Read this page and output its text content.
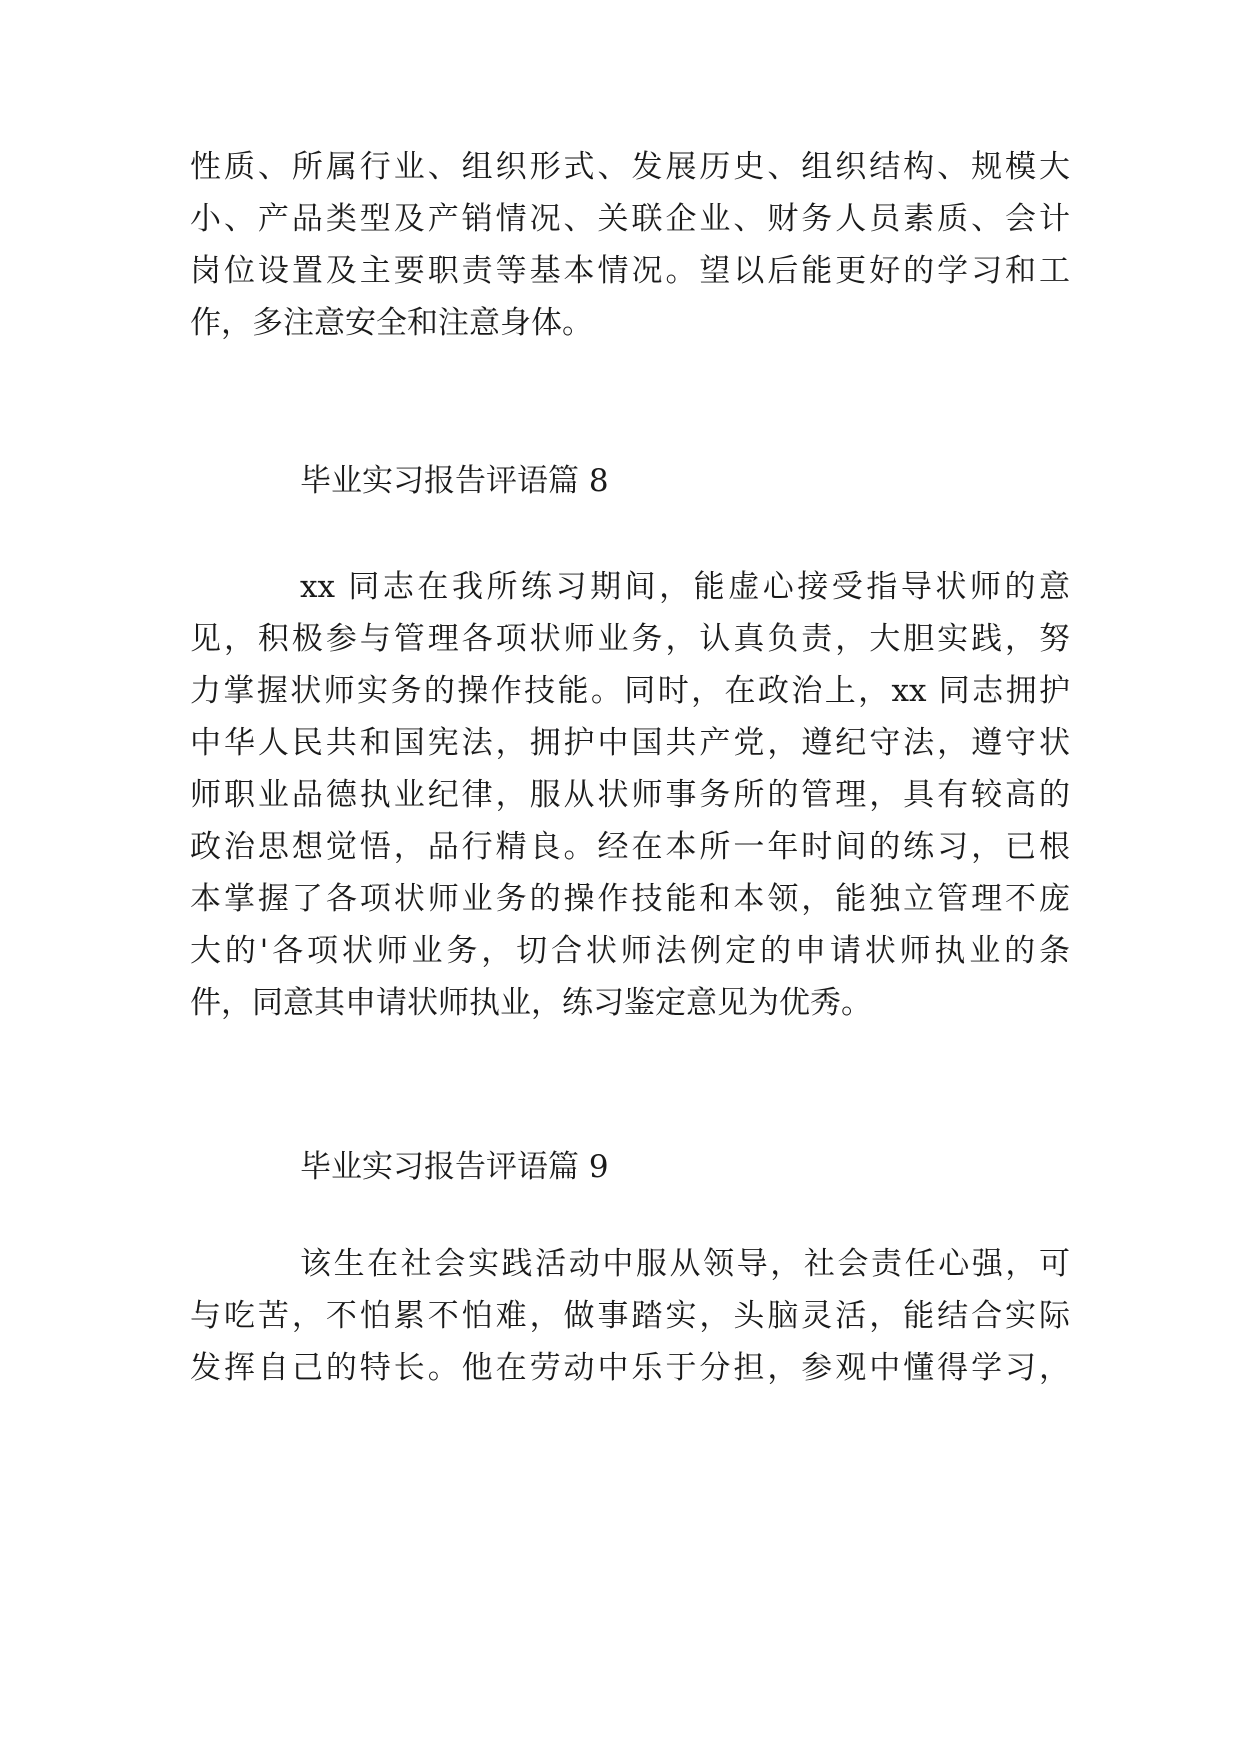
性质、所属行业、组织形式、发展历史、组织结构、规模大
小、产品类型及产销情况、关联企业、财务人员素质、会计
岗位设置及主要职责等基本情况。望以后能更好的学习和工
作，多注意安全和注意身体。
毕业实习报告评语篇 8
xx 同志在我所练习期间，能虚心接受指导状师的意
见，积极参与管理各项状师业务，认真负责，大胆实践，努
力掌握状师实务的操作技能。同时，在政治上，xx 同志拥护
中华人民共和国宪法，拥护中国共产党，遵纪守法，遵守状
师职业品德执业纪律，服从状师事务所的管理，具有较高的
政治思想觉悟，品行精良。经在本所一年时间的练习，已根
本掌握了各项状师业务的操作技能和本领，能独立管理不庞
大的'各项状师业务，切合状师法例定的申请状师执业的条
件，同意其申请状师执业，练习鉴定意见为优秀。
毕业实习报告评语篇 9
该生在社会实践活动中服从领导，社会责任心强，可
与吃苦，不怕累不怕难，做事踏实，头脑灵活，能结合实际
发挥自己的特长。他在劳动中乐于分担，参观中懂得学习，
